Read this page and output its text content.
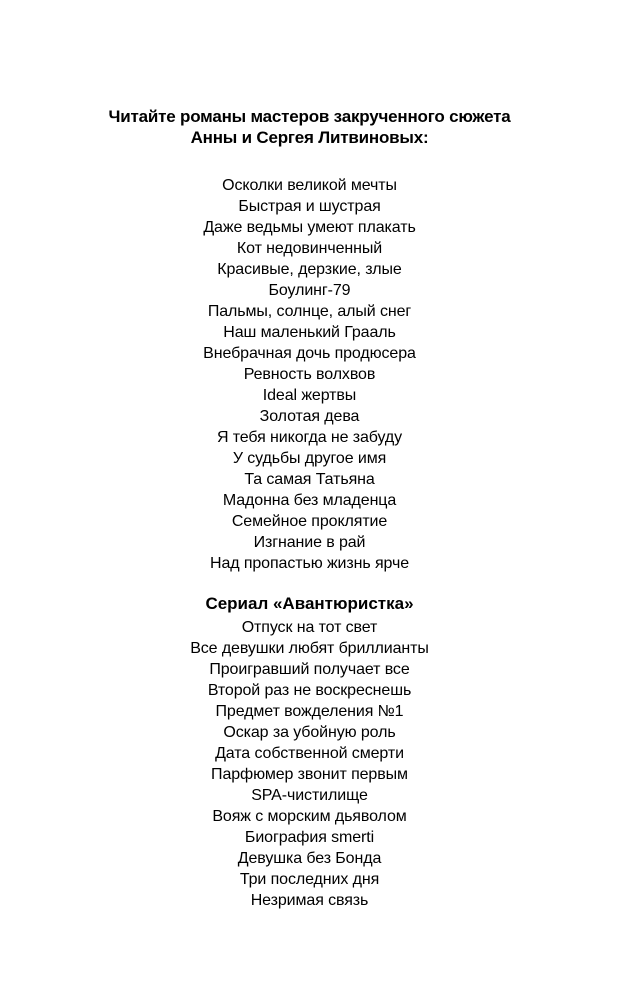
Читайте романы мастеров закрученного сюжета
Анны и Сергея Литвиновых:
Осколки великой мечты
Быстрая и шустрая
Даже ведьмы умеют плакать
Кот недовинченный
Красивые, дерзкие, злые
Боулинг-79
Пальмы, солнце, алый снег
Наш маленький Грааль
Внебрачная дочь продюсера
Ревность волхвов
Ideal жертвы
Золотая дева
Я тебя никогда не забуду
У судьбы другое имя
Та самая Татьяна
Мадонна без младенца
Семейное проклятие
Изгнание в рай
Над пропастью жизнь ярче
Сериал «Авантюристка»
Отпуск на тот свет
Все девушки любят бриллианты
Проигравший получает все
Второй раз не воскреснешь
Предмет вожделения №1
Оскар за убойную роль
Дата собственной смерти
Парфюмер звонит первым
SPA-чистилище
Вояж с морским дьяволом
Биография smerti
Девушка без Бонда
Три последних дня
Незримая связь
